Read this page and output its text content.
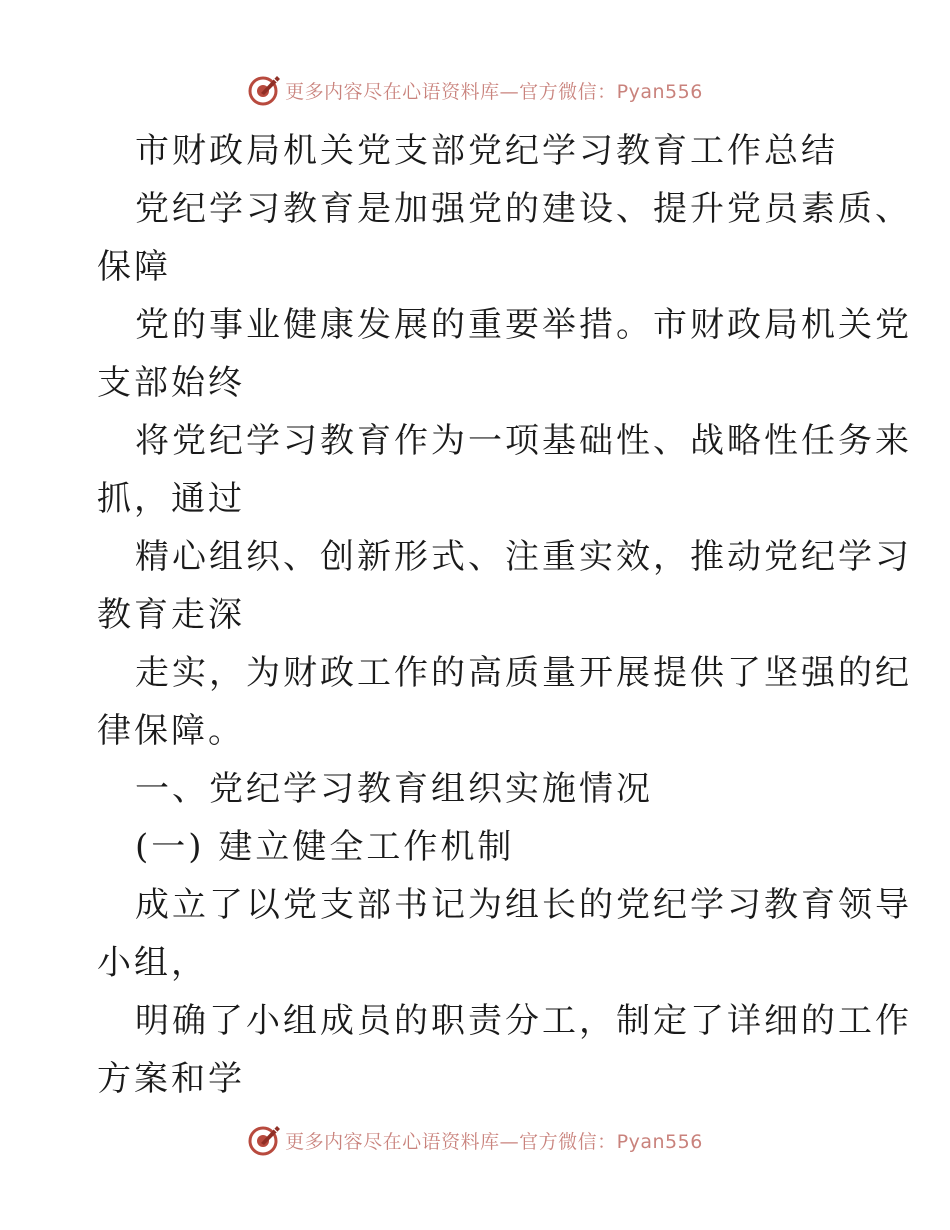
更多内容尽在心语资料库—官方微信：Pyan556
市财政局机关党支部党纪学习教育工作总结
党纪学习教育是加强党的建设、提升党员素质、
保障
党的事业健康发展的重要举措。市财政局机关党
支部始终
将党纪学习教育作为一项基础性、战略性任务来
抓，通过
精心组织、创新形式、注重实效，推动党纪学习
教育走深
走实，为财政工作的高质量开展提供了坚强的纪
律保障。
一、党纪学习教育组织实施情况
(一) 建立健全工作机制
成立了以党支部书记为组长的党纪学习教育领导
小组，
明确了小组成员的职责分工，制定了详细的工作
方案和学
更多内容尽在心语资料库—官方微信：Pyan556
